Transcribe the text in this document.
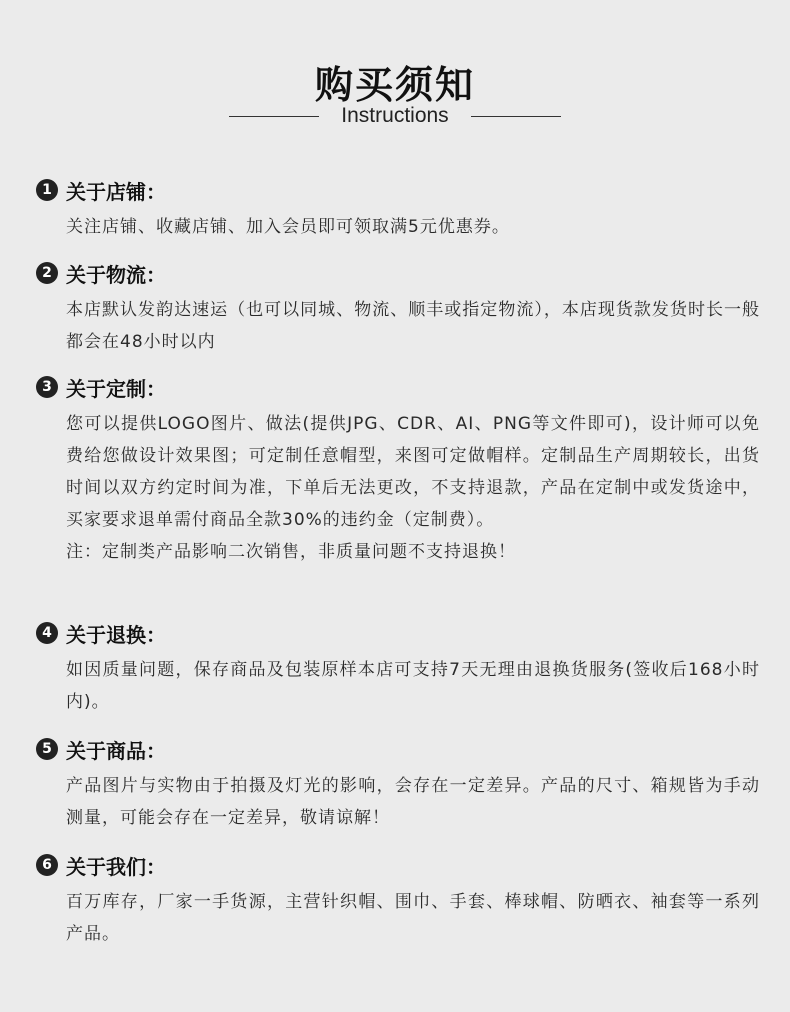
购买须知
Instructions
1 关于店铺：
关注店铺、收藏店铺、加入会员即可领取满5元优惠券。
2 关于物流：
本店默认发韵达速运（也可以同城、物流、顺丰或指定物流），本店现货款发货时长一般都会在48小时以内
3 关于定制：
您可以提供LOGO图片、做法(提供JPG、CDR、AI、PNG等文件即可)，设计师可以免费给您做设计效果图；可定制任意帽型，来图可定做帽样。定制品生产周期较长，出货时间以双方约定时间为准，下单后无法更改，不支持退款，产品在定制中或发货途中，买家要求退单需付商品全款30%的违约金（定制费）。
注：定制类产品影响二次销售，非质量问题不支持退换！
4 关于退换：
如因质量问题，保存商品及包装原样本店可支持7天无理由退换货服务(签收后168小时内)。
5 关于商品：
产品图片与实物由于拍摄及灯光的影响，会存在一定差异。产品的尺寸、箱规皆为手动测量，可能会存在一定差异，敬请谅解！
6 关于我们：
百万库存，厂家一手货源，主营针织帽、围巾、手套、棒球帽、防晒衣、袖套等一系列产品。
